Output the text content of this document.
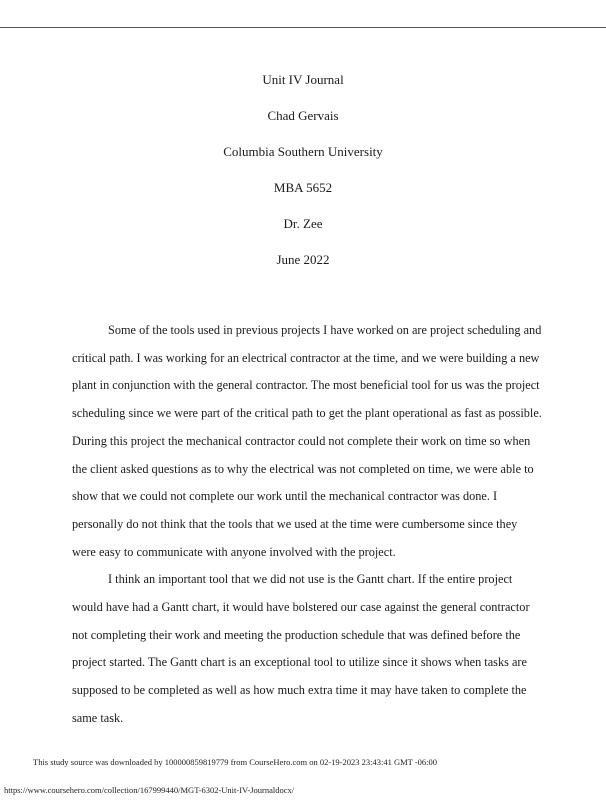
Unit IV Journal
Chad Gervais
Columbia Southern University
MBA 5652
Dr. Zee
June 2022

Some of the tools used in previous projects I have worked on are project scheduling and critical path. I was working for an electrical contractor at the time, and we were building a new plant in conjunction with the general contractor. The most beneficial tool for us was the project scheduling since we were part of the critical path to get the plant operational as fast as possible. During this project the mechanical contractor could not complete their work on time so when the client asked questions as to why the electrical was not completed on time, we were able to show that we could not complete our work until the mechanical contractor was done. I personally do not think that the tools that we used at the time were cumbersome since they were easy to communicate with anyone involved with the project.

I think an important tool that we did not use is the Gantt chart. If the entire project would have had a Gantt chart, it would have bolstered our case against the general contractor not completing their work and meeting the production schedule that was defined before the project started. The Gantt chart is an exceptional tool to utilize since it shows when tasks are supposed to be completed as well as how much extra time it may have taken to complete the same task.

This study source was downloaded by 100000859819779 from CourseHero.com on 02-19-2023 23:43:41 GMT -06:00
https://www.coursehero.com/collection/167999440/MGT-6302-Unit-IV-Journaldocx/
